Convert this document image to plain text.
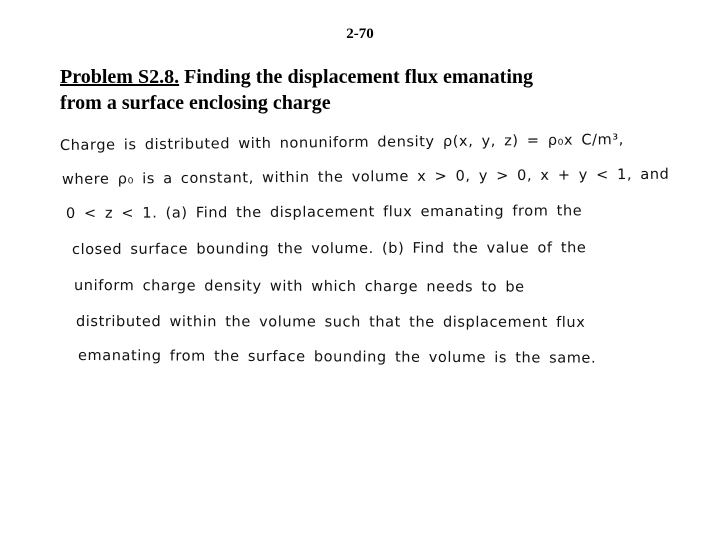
2-70
Problem S2.8. Finding the displacement flux emanating
from a surface enclosing charge
Charge is distributed with nonuniform density ρ(x, y, z) = ρ₀x C/m³,
where ρ₀ is a constant, within the volume x > 0, y > 0, x + y < 1, and
0 < z < 1. (a) Find the displacement flux emanating from the
closed surface bounding the volume. (b) Find the value of the
uniform charge density with which charge needs to be
distributed within the volume such that the displacement flux
emanating from the surface bounding the volume is the same.
